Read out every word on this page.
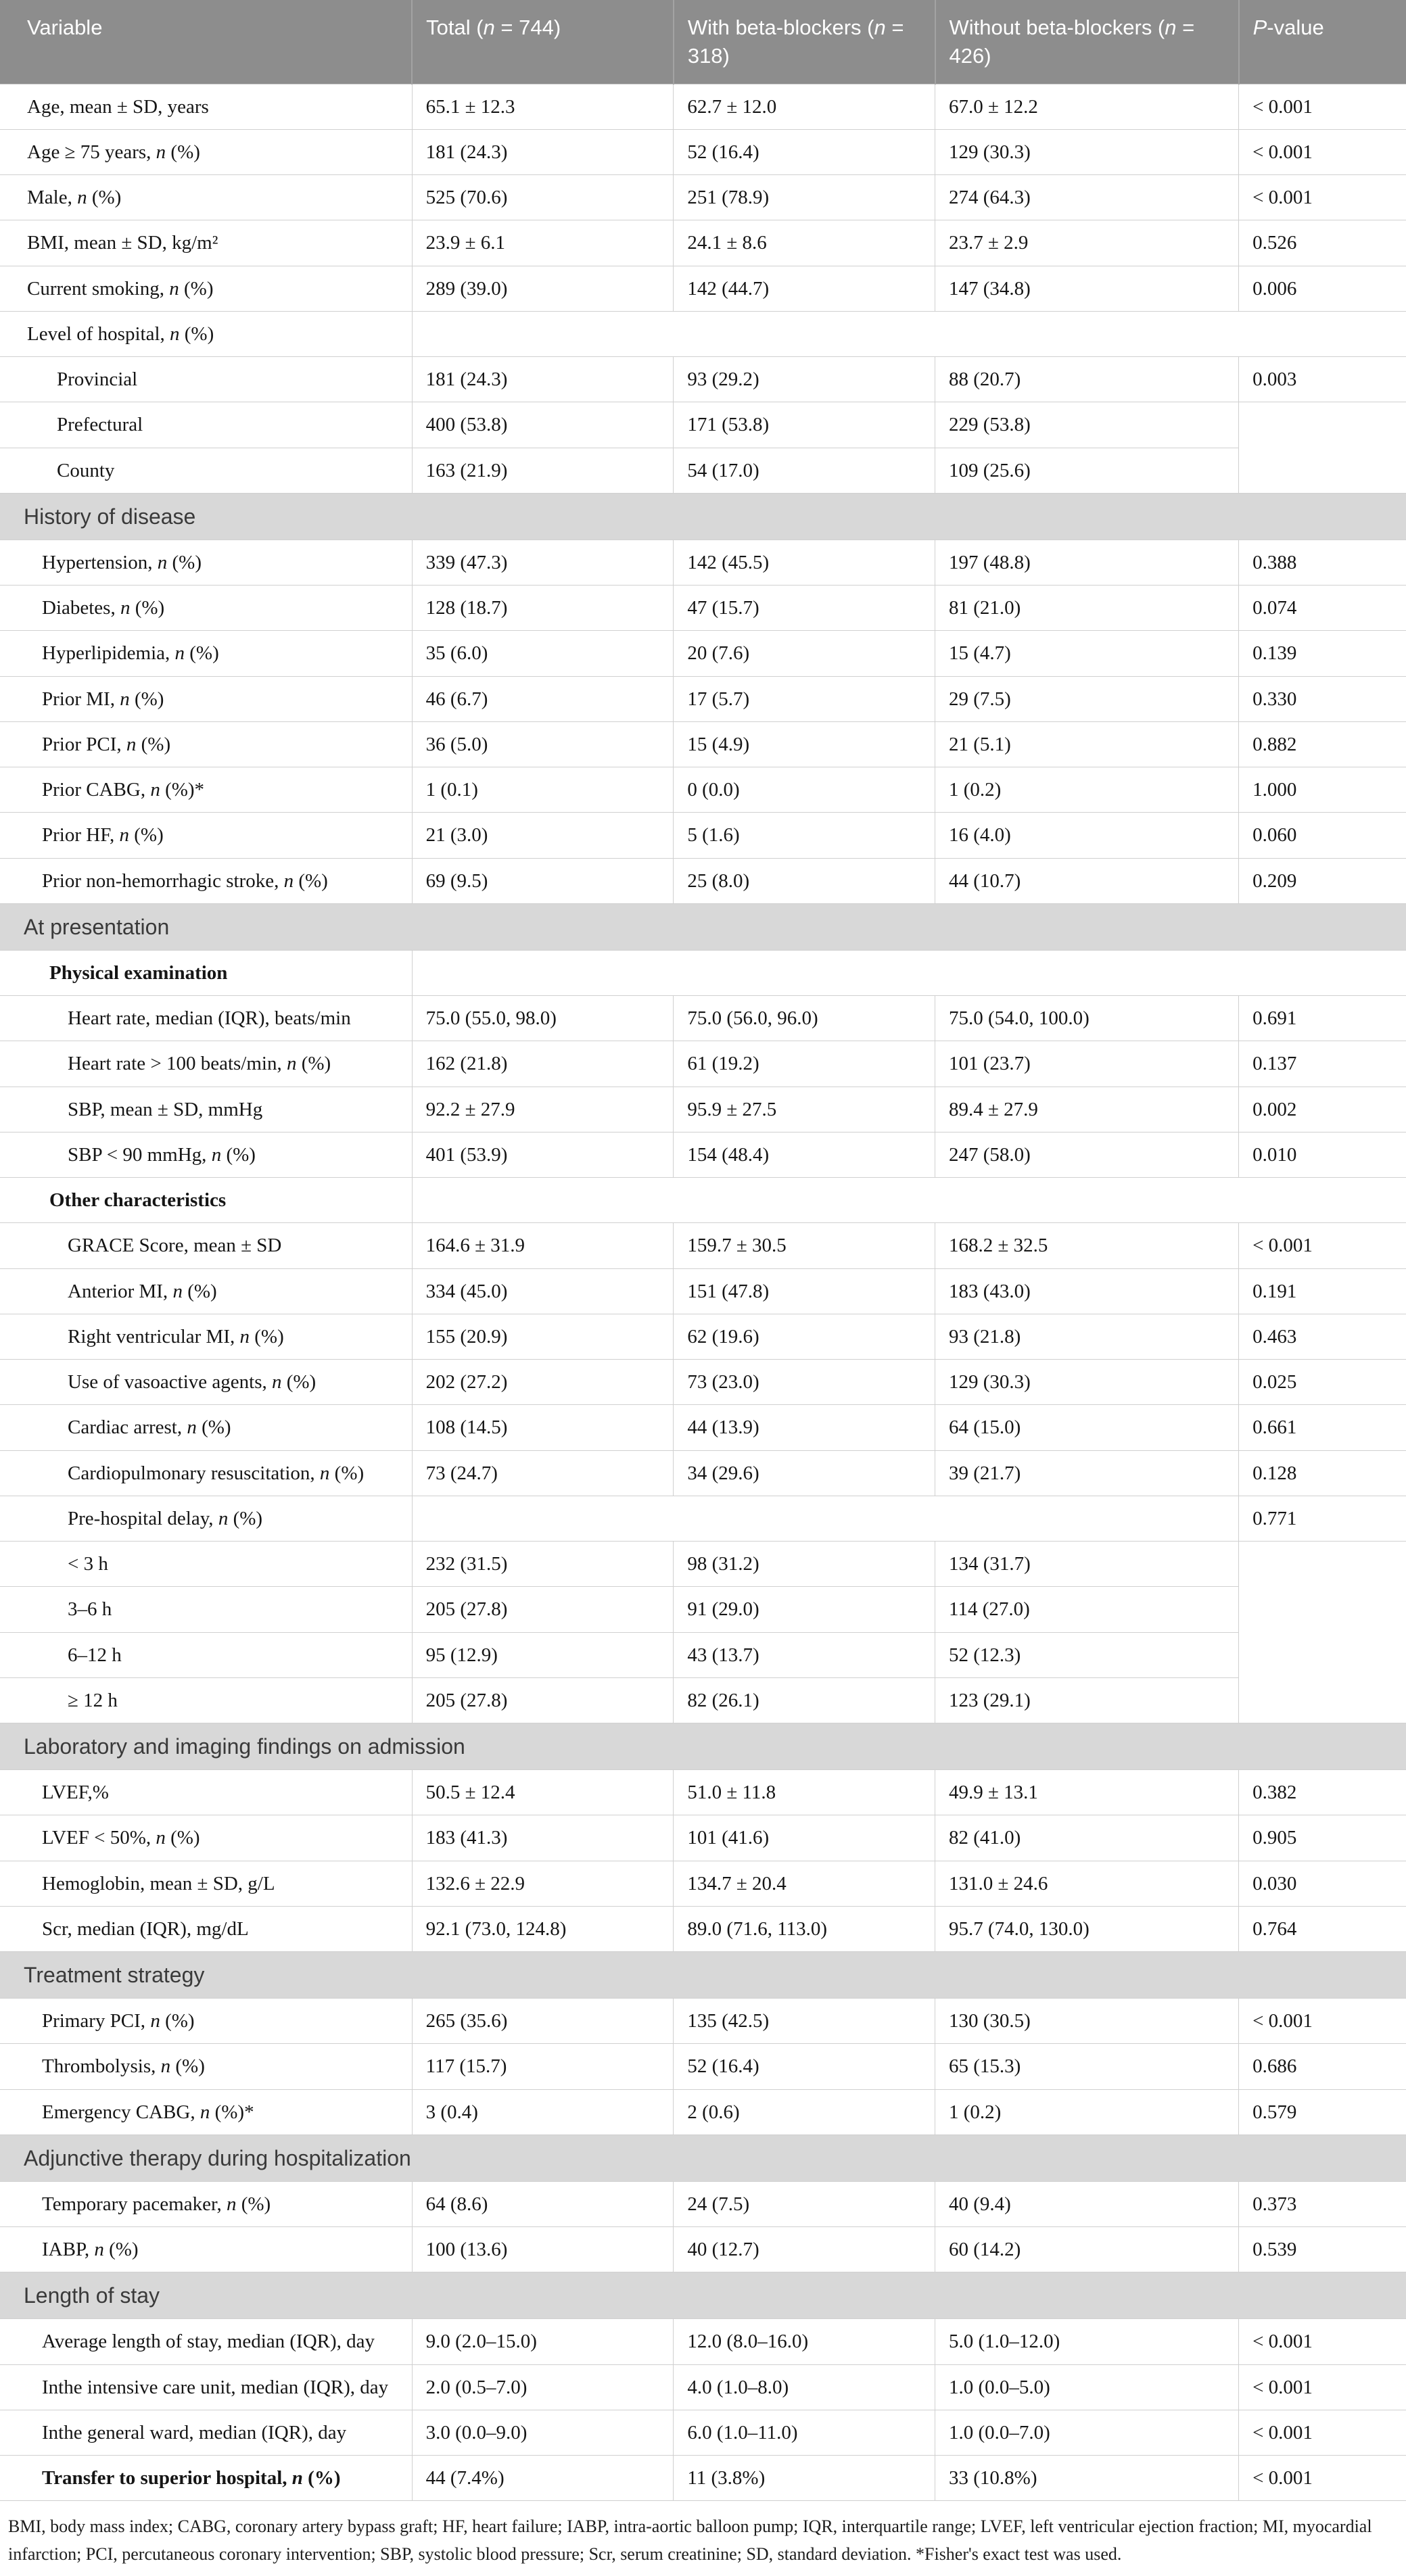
Variable	Total (n = 744)	With beta-blockers (n = 318)	Without beta-blockers (n = 426)	P-value
Age, mean ± SD, years	65.1 ± 12.3	62.7 ± 12.0	67.0 ± 12.2	< 0.001
Age ≥ 75 years, n (%)	181 (24.3)	52 (16.4)	129 (30.3)	< 0.001
Male, n (%)	525 (70.6)	251 (78.9)	274 (64.3)	< 0.001
BMI, mean ± SD, kg/m²	23.9 ± 6.1	24.1 ± 8.6	23.7 ± 2.9	0.526
Current smoking, n (%)	289 (39.0)	142 (44.7)	147 (34.8)	0.006
Level of hospital, n (%)				
Provincial	181 (24.3)	93 (29.2)	88 (20.7)	0.003
Prefectural	400 (53.8)	171 (53.8)	229 (53.8)	
County	163 (21.9)	54 (17.0)	109 (25.6)	
History of disease				
Hypertension, n (%)	339 (47.3)	142 (45.5)	197 (48.8)	0.388
Diabetes, n (%)	128 (18.7)	47 (15.7)	81 (21.0)	0.074
Hyperlipidemia, n (%)	35 (6.0)	20 (7.6)	15 (4.7)	0.139
Prior MI, n (%)	46 (6.7)	17 (5.7)	29 (7.5)	0.330
Prior PCI, n (%)	36 (5.0)	15 (4.9)	21 (5.1)	0.882
Prior CABG, n (%)*	1 (0.1)	0 (0.0)	1 (0.2)	1.000
Prior HF, n (%)	21 (3.0)	5 (1.6)	16 (4.0)	0.060
Prior non-hemorrhagic stroke, n (%)	69 (9.5)	25 (8.0)	44 (10.7)	0.209
At presentation				
Physical examination				
Heart rate, median (IQR), beats/min	75.0 (55.0, 98.0)	75.0 (56.0, 96.0)	75.0 (54.0, 100.0)	0.691
Heart rate > 100 beats/min, n (%)	162 (21.8)	61 (19.2)	101 (23.7)	0.137
SBP, mean ± SD, mmHg	92.2 ± 27.9	95.9 ± 27.5	89.4 ± 27.9	0.002
SBP < 90 mmHg, n (%)	401 (53.9)	154 (48.4)	247 (58.0)	0.010
Other characteristics				
GRACE Score, mean ± SD	164.6 ± 31.9	159.7 ± 30.5	168.2 ± 32.5	< 0.001
Anterior MI, n (%)	334 (45.0)	151 (47.8)	183 (43.0)	0.191
Right ventricular MI, n (%)	155 (20.9)	62 (19.6)	93 (21.8)	0.463
Use of vasoactive agents, n (%)	202 (27.2)	73 (23.0)	129 (30.3)	0.025
Cardiac arrest, n (%)	108 (14.5)	44 (13.9)	64 (15.0)	0.661
Cardiopulmonary resuscitation, n (%)	73 (24.7)	34 (29.6)	39 (21.7)	0.128
Pre-hospital delay, n (%)				0.771
< 3 h	232 (31.5)	98 (31.2)	134 (31.7)	
3–6 h	205 (27.8)	91 (29.0)	114 (27.0)	
6–12 h	95 (12.9)	43 (13.7)	52 (12.3)	
≥ 12 h	205 (27.8)	82 (26.1)	123 (29.1)	
Laboratory and imaging findings on admission				
LVEF,%	50.5 ± 12.4	51.0 ± 11.8	49.9 ± 13.1	0.382
LVEF < 50%, n (%)	183 (41.3)	101 (41.6)	82 (41.0)	0.905
Hemoglobin, mean ± SD, g/L	132.6 ± 22.9	134.7 ± 20.4	131.0 ± 24.6	0.030
Scr, median (IQR), mg/dL	92.1 (73.0, 124.8)	89.0 (71.6, 113.0)	95.7 (74.0, 130.0)	0.764
Treatment strategy				
Primary PCI, n (%)	265 (35.6)	135 (42.5)	130 (30.5)	< 0.001
Thrombolysis, n (%)	117 (15.7)	52 (16.4)	65 (15.3)	0.686
Emergency CABG, n (%)*	3 (0.4)	2 (0.6)	1 (0.2)	0.579
Adjunctive therapy during hospitalization				
Temporary pacemaker, n (%)	64 (8.6)	24 (7.5)	40 (9.4)	0.373
IABP, n (%)	100 (13.6)	40 (12.7)	60 (14.2)	0.539
Length of stay				
Average length of stay, median (IQR), day	9.0 (2.0–15.0)	12.0 (8.0–16.0)	5.0 (1.0–12.0)	< 0.001
Inthe intensive care unit, median (IQR), day	2.0 (0.5–7.0)	4.0 (1.0–8.0)	1.0 (0.0–5.0)	< 0.001
Inthe general ward, median (IQR), day	3.0 (0.0–9.0)	6.0 (1.0–11.0)	1.0 (0.0–7.0)	< 0.001
Transfer to superior hospital, n (%)	44 (7.4%)	11 (3.8%)	33 (10.8%)	< 0.001
BMI, body mass index; CABG, coronary artery bypass graft; HF, heart failure; IABP, intra-aortic balloon pump; IQR, interquartile range; LVEF, left ventricular ejection fraction; MI, myocardial infarction; PCI, percutaneous coronary intervention; SBP, systolic blood pressure; Scr, serum creatinine; SD, standard deviation. *Fisher's exact test was used.
